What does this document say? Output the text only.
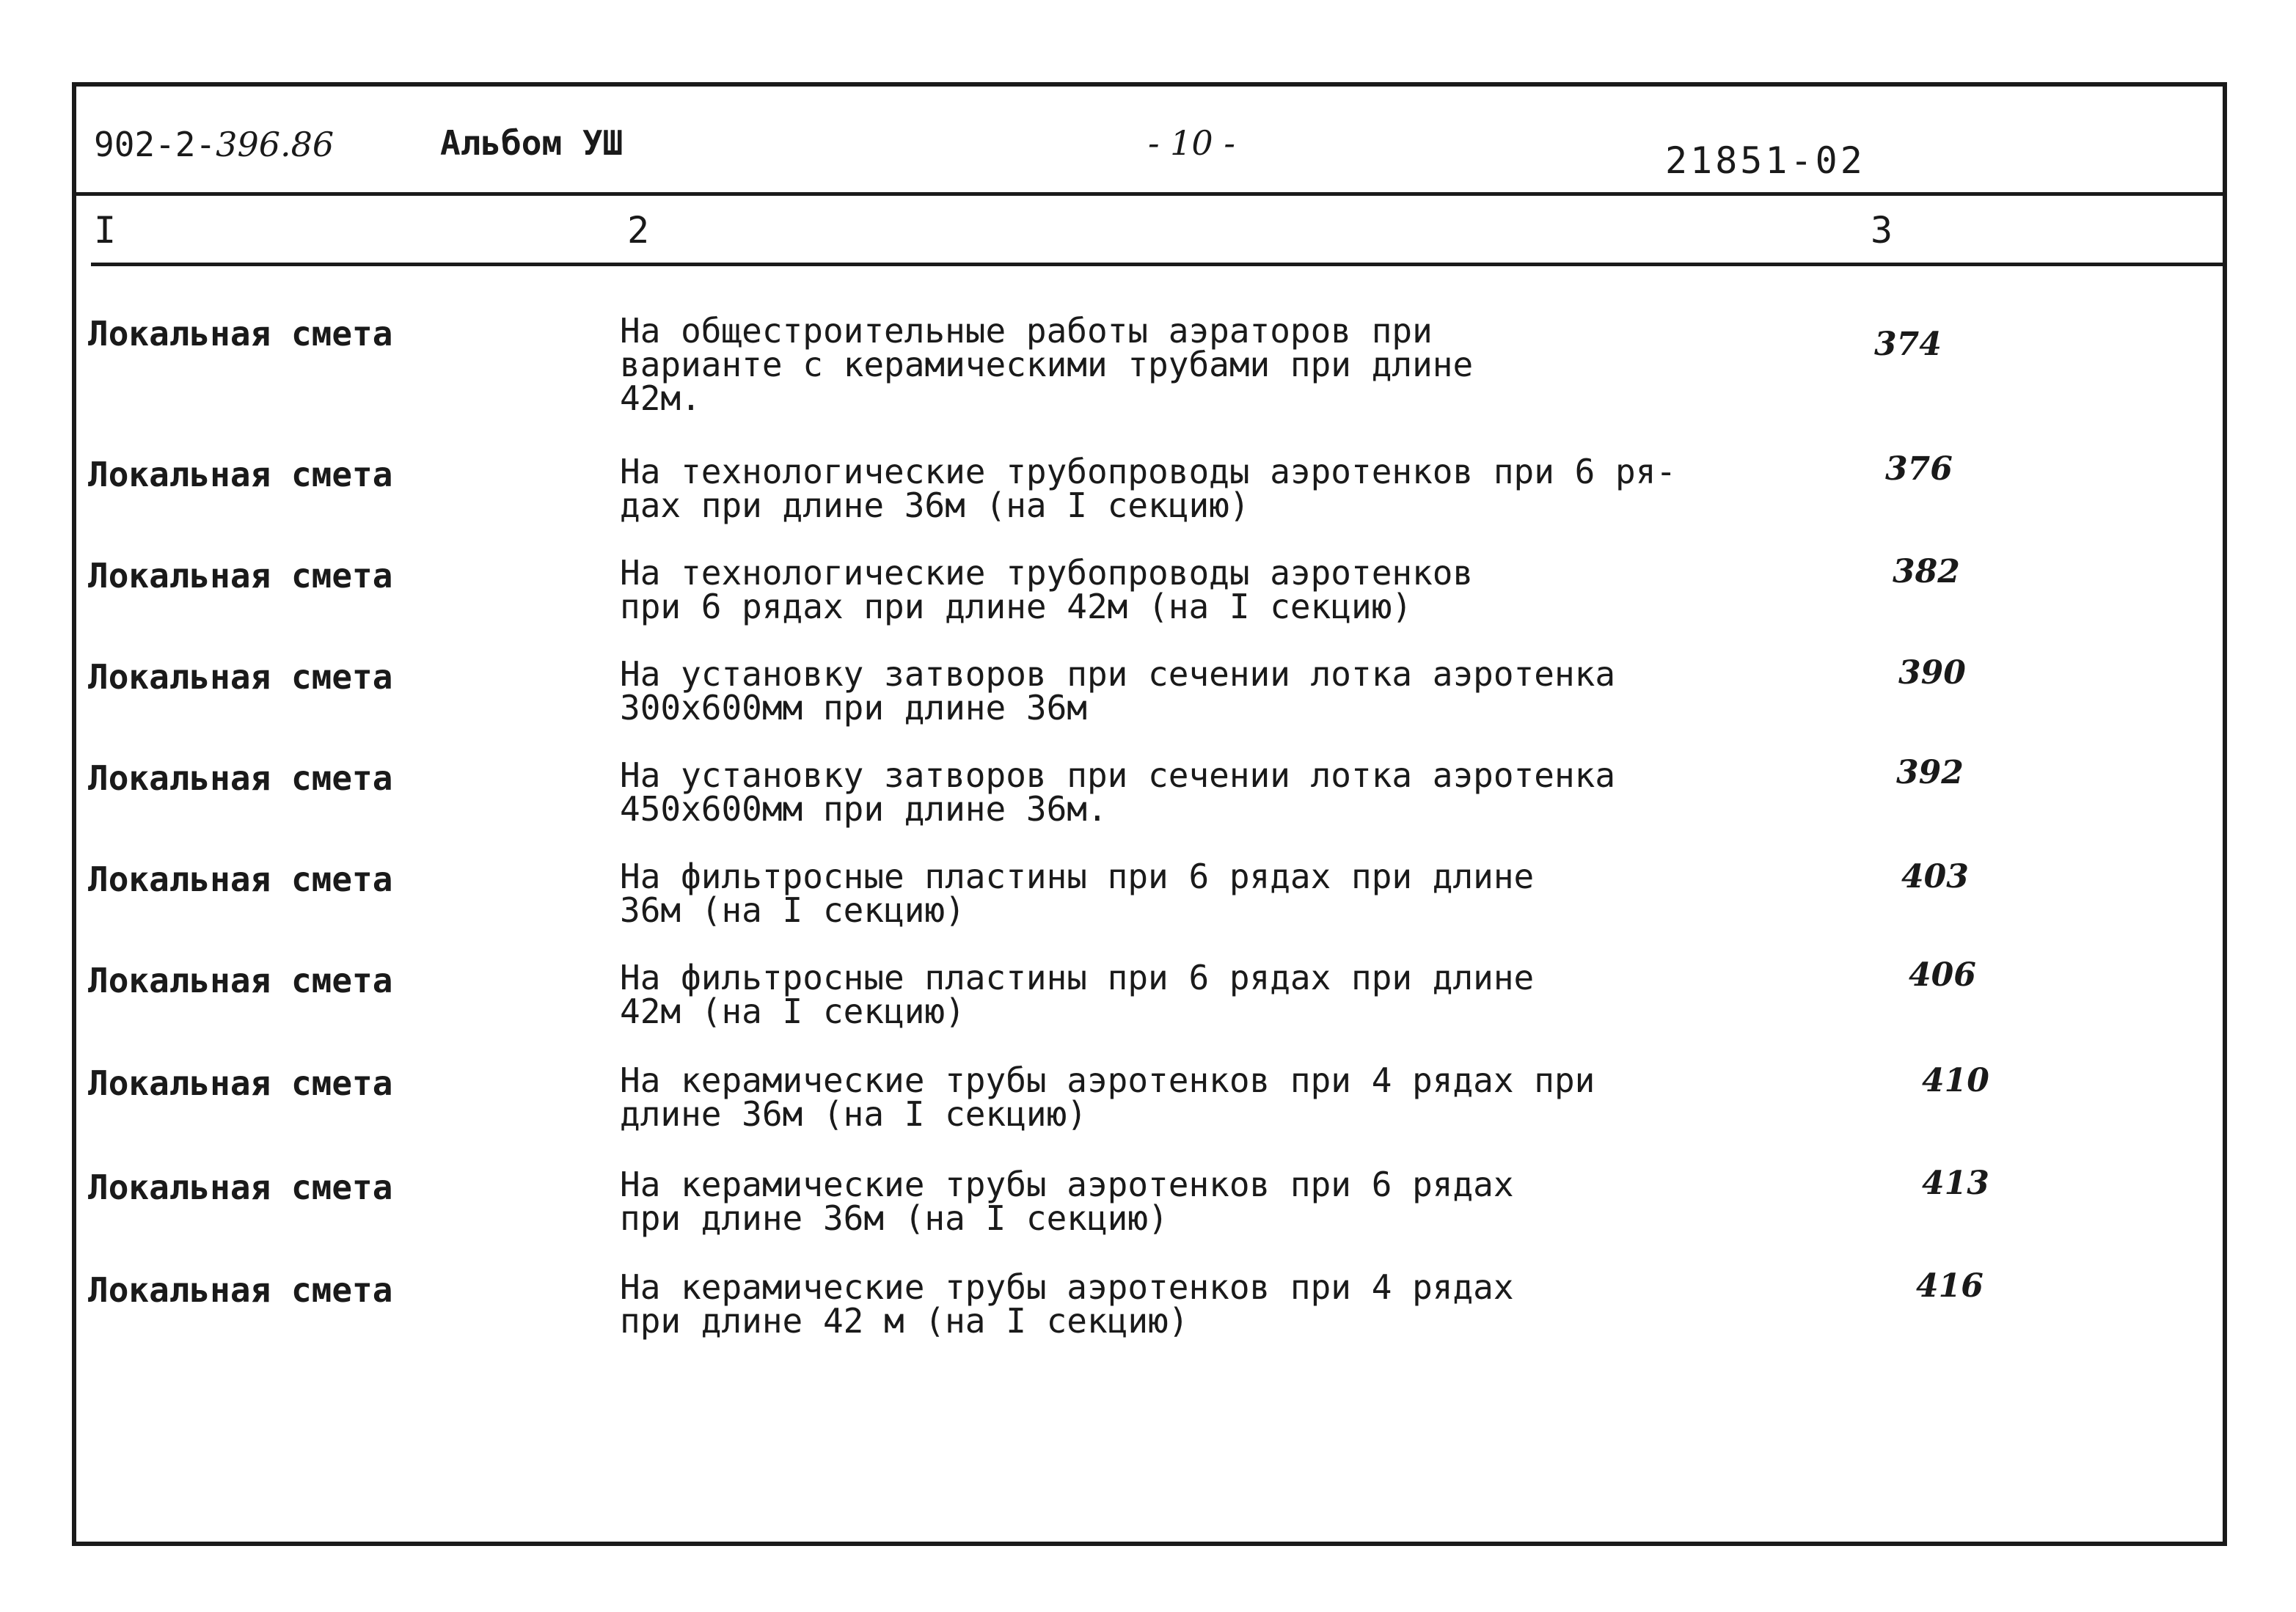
902-2-396.86	Альбом УШ	- 10 -	21851-02
I	2	3
Локальная смета	На общестроительные работы аэраторов при
варианте с керамическими трубами при длине
42м.
374
Локальная смета	На технологические трубопроводы аэротенков при 6 ря-
дах при длине 36м (на I секцию)
376
Локальная смета	На технологические трубопроводы аэротенков
при 6 рядах при длине 42м (на I секцию)
382
Локальная смета	На установку затворов при сечении лотка аэротенка
300х600мм при длине 36м
390
Локальная смета	На установку затворов при сечении лотка аэротенка
450х600мм при длине 36м.
392
Локальная смета	На фильтросные пластины при 6 рядах при длине
36м (на I секцию)
403
Локальная смета	На фильтросные пластины при 6 рядах при длине
42м (на I секцию)
406
Локальная смета	На керамические трубы аэротенков при 4 рядах при
длине 36м (на I секцию)
410
Локальная смета	На керамические трубы аэротенков при 6 рядах
при длине 36м (на I секцию)
413
Локальная смета	На керамические трубы аэротенков при 4 рядах
при длине 42 м (на I секцию)
416
